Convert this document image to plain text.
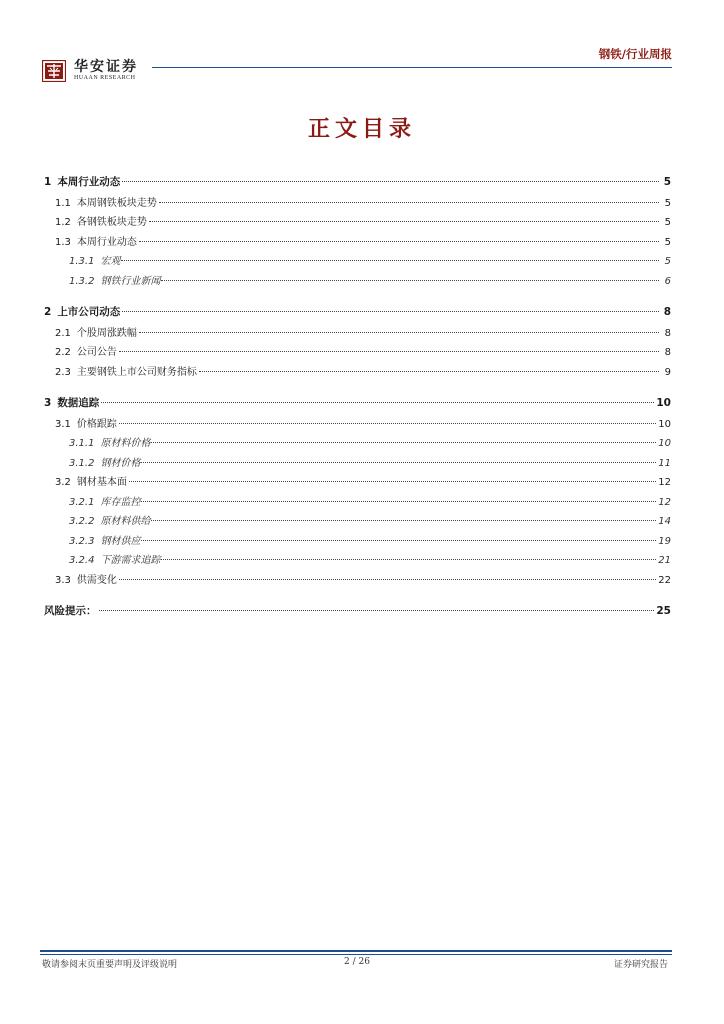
华安证券
HUAAN RESEARCH
钢铁/行业周报
正文目录
1 本周行业动态	5
1.1 本周钢铁板块走势	5
1.2 各钢铁板块走势	5
1.3 本周行业动态	5
1.3.1 宏观	5
1.3.2 钢铁行业新闻	6
2 上市公司动态	8
2.1 个股周涨跌幅	8
2.2 公司公告	8
2.3 主要钢铁上市公司财务指标	9
3 数据追踪	10
3.1 价格跟踪	10
3.1.1 原材料价格	10
3.1.2 钢材价格	11
3.2 钢材基本面	12
3.2.1 库存监控	12
3.2.2 原材料供给	14
3.2.3 钢材供应	19
3.2.4 下游需求追踪	21
3.3 供需变化	22
风险提示：	25
敬请参阅末页重要声明及评级说明	2 / 26	证券研究报告
